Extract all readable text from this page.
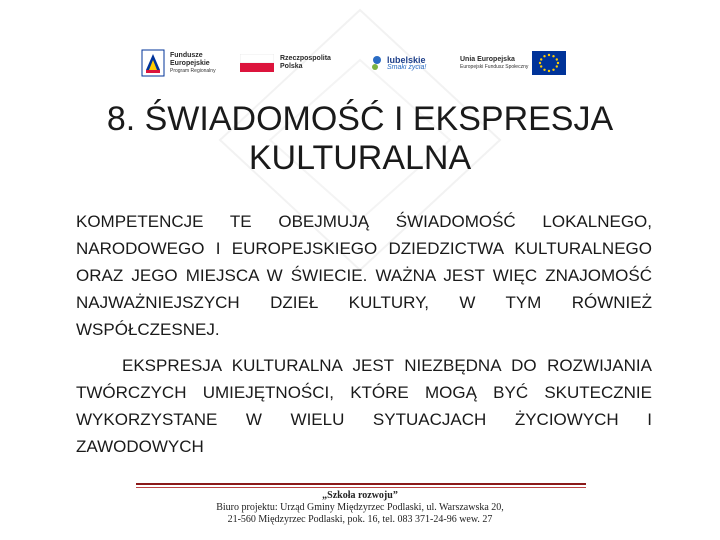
Fundusze
Europejskie
Program Regionalny
Rzeczpospolita
Polska
lubelskie
Smaki życia!
Unia Europejska
Europejski Fundusz Społeczny
8. ŚWIADOMOŚĆ I EKSPRESJA
KULTURALNA
KOMPETENCJE TE OBEJMUJĄ ŚWIADOMOŚĆ LOKALNEGO, NARODOWEGO I EUROPEJSKIEGO DZIEDZICTWA KULTURALNEGO ORAZ JEGO MIEJSCA W ŚWIECIE. WAŻNA JEST WIĘC ZNAJOMOŚĆ NAJWAŻNIEJSZYCH DZIEŁ KULTURY, W TYM RÓWNIEŻ WSPÓŁCZESNEJ.
EKSPRESJA KULTURALNA JEST NIEZBĘDNA DO ROZWIJANIA TWÓRCZYCH UMIEJĘTNOŚCI, KTÓRE MOGĄ BYĆ SKUTECZNIE WYKORZYSTANE W WIELU SYTUACJACH ŻYCIOWYCH I ZAWODOWYCH
„Szkoła rozwoju”
Biuro projektu: Urząd Gminy Międzyrzec Podlaski, ul. Warszawska 20,
21-560 Międzyrzec Podlaski, pok. 16, tel. 083 371-24-96 wew. 27
